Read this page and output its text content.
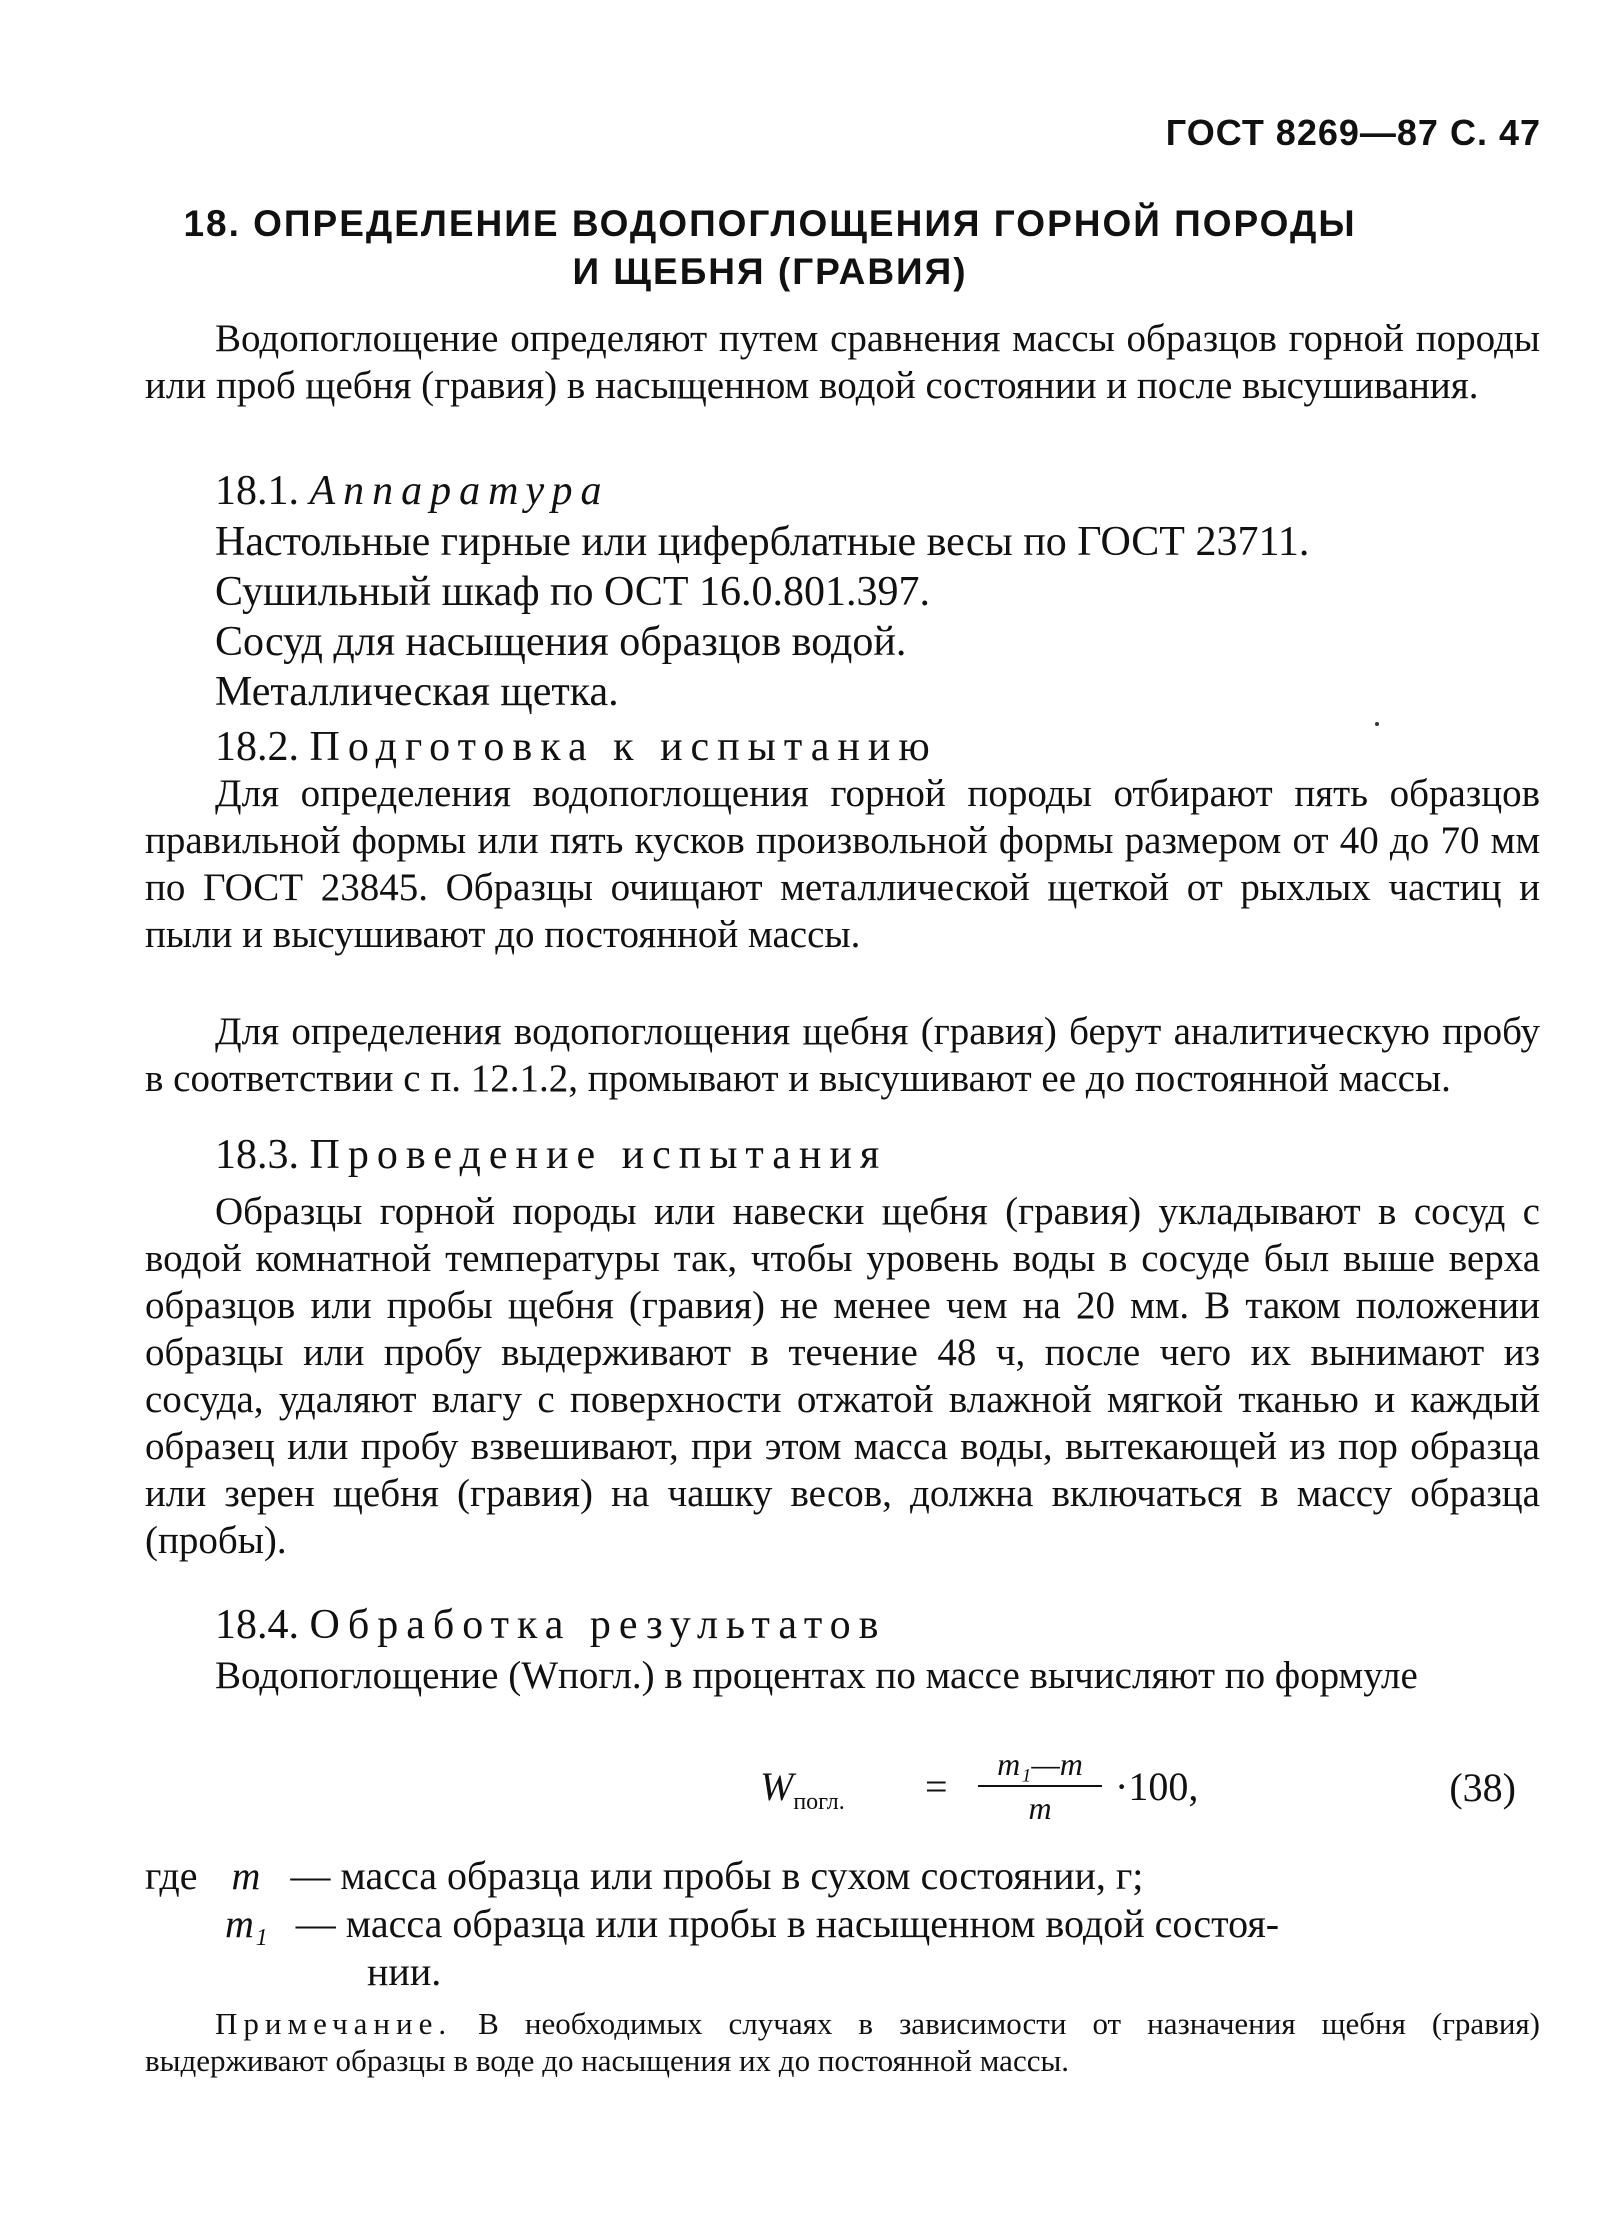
ГОСТ 8269—87 С. 47
18. ОПРЕДЕЛЕНИЕ ВОДОПОГЛОЩЕНИЯ ГОРНОЙ ПОРОДЫ
И ЩЕБНЯ (ГРАВИЯ)

Водопоглощение определяют путем сравнения массы образцов горной породы или проб щебня (гравия) в насыщенном водой состоянии и после высушивания.

18.1. Аппаратура
Настольные гирные или циферблатные весы по ГОСТ 23711.
Сушильный шкаф по ОСТ 16.0.801.397.
Сосуд для насыщения образцов водой.
Металлическая щетка.
18.2. Подготовка к испытанию

Для определения водопоглощения горной породы отбирают пять образцов правильной формы или пять кусков произвольной формы размером от 40 до 70 мм по ГОСТ 23845. Образцы очищают металлической щеткой от рыхлых частиц и пыли и высушивают до постоянной массы.

Для определения водопоглощения щебня (гравия) берут аналитическую пробу в соответствии с п. 12.1.2, промывают и высушивают ее до постоянной массы.

18.3. Проведение испытания

Образцы горной породы или навески щебня (гравия) укладывают в сосуд с водой комнатной температуры так, чтобы уровень воды в сосуде был выше верха образцов или пробы щебня (гравия) не менее чем на 20 мм. В таком положении образцы или пробу выдерживают в течение 48 ч, после чего их вынимают из сосуда, удаляют влагу с поверхности отжатой влажной мягкой тканью и каждый образец или пробу взвешивают, при этом масса воды, вытекающей из пор образца или зерен щебня (гравия) на чашку весов, должна включаться в массу образца (пробы).

18.4. Обработка результатов

Водопоглощение (Wпогл.) в процентах по массе вычисляют по формуле

$W_{погл.}$ =	m₁—m
m	·100,	(38)
где m — масса образца или пробы в сухом состоянии, г;
m₁ — масса образца или пробы в насыщенном водой состоя-
нии.
Примечание. В необходимых случаях в зависимости от назначения щебня (гравия) выдерживают образцы в воде до насыщения их до постоянной массы.
